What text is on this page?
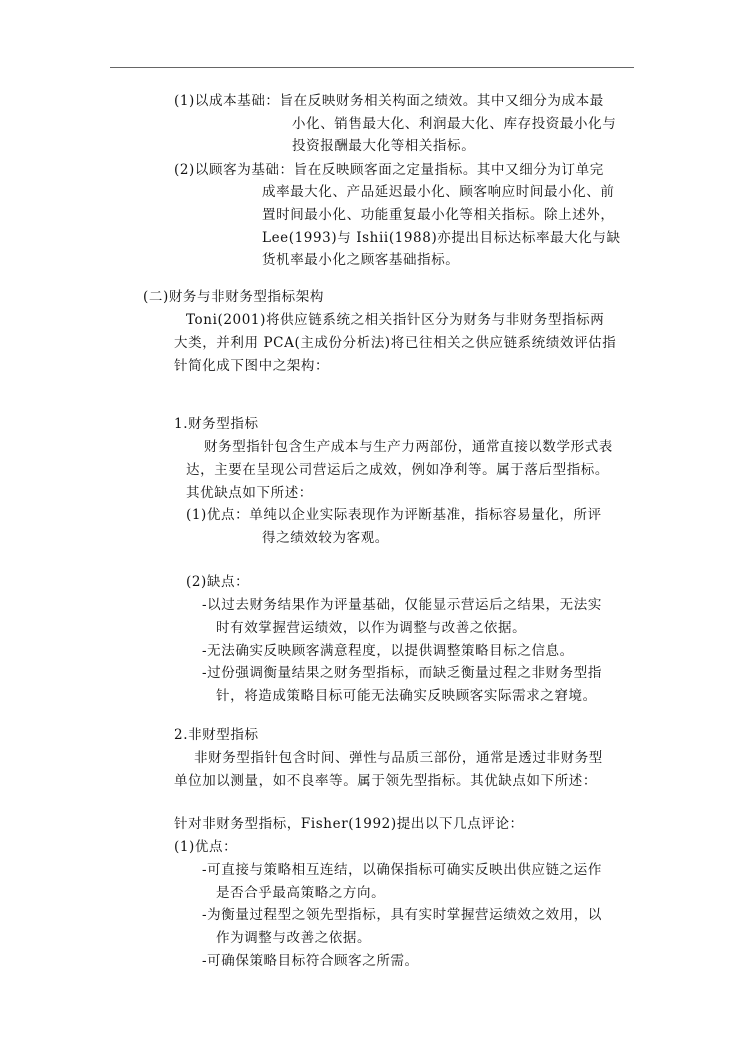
(1)以成本基础：旨在反映财务相关构面之绩效。其中又细分为成本最
小化、销售最大化、利润最大化、库存投资最小化与
投资报酬最大化等相关指标。
(2)以顾客为基础：旨在反映顾客面之定量指标。其中又细分为订单完
成率最大化、产品延迟最小化、顾客响应时间最小化、前
置时间最小化、功能重复最小化等相关指标。除上述外，
Lee(1993)与 Ishii(1988)亦提出目标达标率最大化与缺
货机率最小化之顾客基础指标。
(二)财务与非财务型指标架构
Toni(2001)将供应链系统之相关指针区分为财务与非财务型指标两
大类，并利用 PCA(主成份分析法)将已往相关之供应链系统绩效评估指
针简化成下图中之架构：
1.财务型指标
财务型指针包含生产成本与生产力两部份，通常直接以数学形式表
达，主要在呈现公司营运后之成效，例如净利等。属于落后型指标。
其优缺点如下所述：
(1)优点：单纯以企业实际表现作为评断基准，指标容易量化，所评
得之绩效较为客观。
(2)缺点：
-以过去财务结果作为评量基础，仅能显示营运后之结果，无法实
时有效掌握营运绩效，以作为调整与改善之依据。
-无法确实反映顾客满意程度，以提供调整策略目标之信息。
-过份强调衡量结果之财务型指标，而缺乏衡量过程之非财务型指
针，将造成策略目标可能无法确实反映顾客实际需求之窘境。
2.非财型指标
非财务型指针包含时间、弹性与品质三部份，通常是透过非财务型
单位加以测量，如不良率等。属于领先型指标。其优缺点如下所述：
针对非财务型指标，Fisher(1992)提出以下几点评论：
(1)优点：
-可直接与策略相互连结，以确保指标可确实反映出供应链之运作
是否合乎最高策略之方向。
-为衡量过程型之领先型指标，具有实时掌握营运绩效之效用，以
作为调整与改善之依据。
-可确保策略目标符合顾客之所需。
